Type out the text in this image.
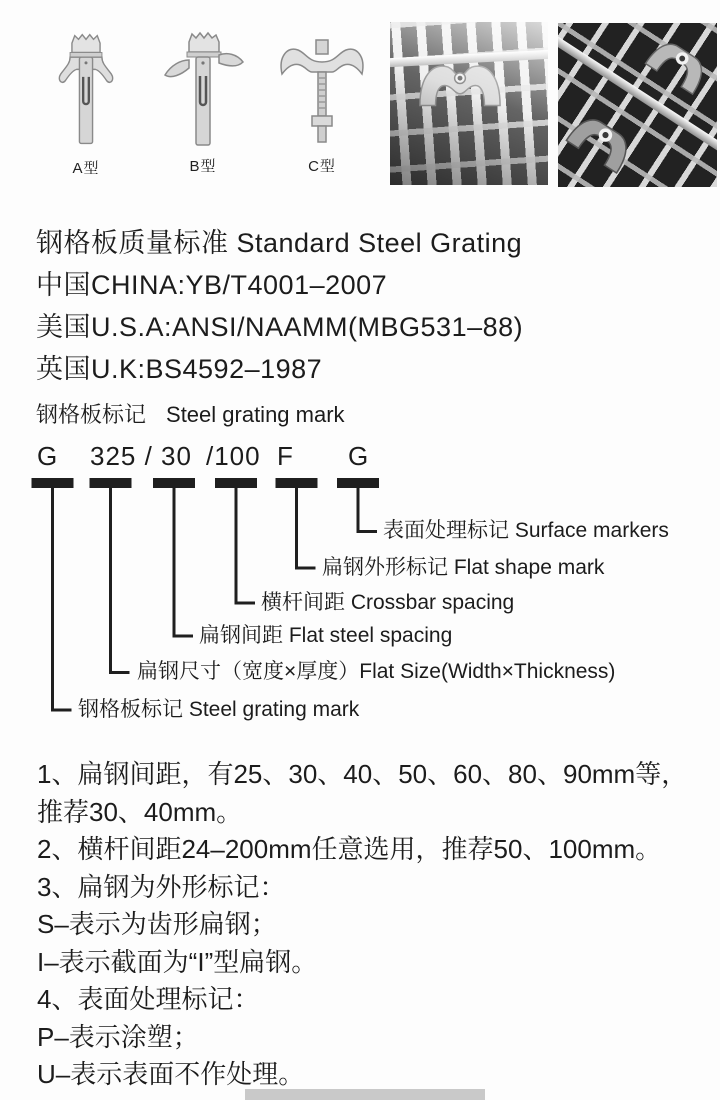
A型	B型	C型
钢格板质量标准 Standard Steel Grating
中国CHINA:YB/T4001–2007
美国U.S.A:ANSI/NAAMM(MBG531–88)
英国U.K:BS4592–1987
钢格板标记 Steel grating mark
G 325 / 30 /100 F G
表面处理标记 Surface markers
扁钢外形标记 Flat shape mark
横杆间距 Crossbar spacing
扁钢间距 Flat steel spacing
扁钢尺寸（宽度×厚度）Flat Size(Width×Thickness)
钢格板标记 Steel grating mark
1、扁钢间距，有25、30、40、50、60、80、90mm等，
推荐30、40mm。
2、横杆间距24–200mm任意选用，推荐50、100mm。
3、扁钢为外形标记：
S–表示为齿形扁钢；
I–表示截面为“I”型扁钢。
4、表面处理标记：
P–表示涂塑；
U–表示表面不作处理。
